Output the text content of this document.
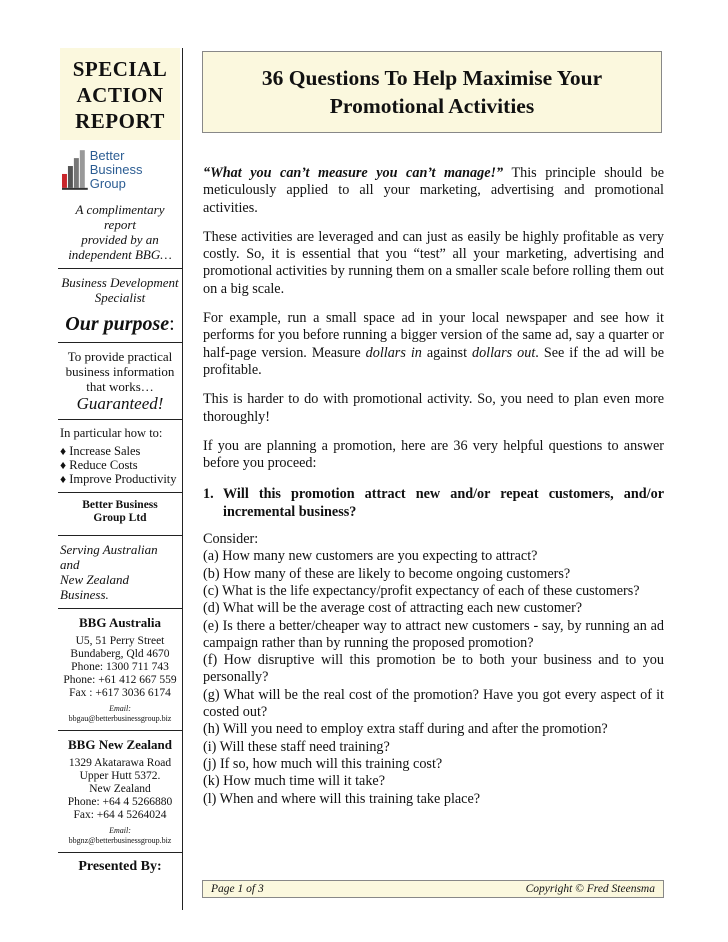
SPECIAL
ACTION
REPORT
Better Business
Group
A complimentary report
provided by an
independent BBG…
Business Development
Specialist
Our purpose:
To provide practical
business information
that works…
Guaranteed!
In particular how to:
♦ Increase Sales
♦ Reduce Costs
♦ Improve Productivity
Better Business
Group Ltd
Serving Australian and
New Zealand Business.
BBG Australia
U5, 51 Perry Street
Bundaberg, Qld 4670
Phone: 1300 711 743
Phone: +61 412 667 559
Fax : +617 3036 6174
Email:
bbgau@betterbusinessgroup.biz
BBG New Zealand
1329 Akatarawa Road
Upper Hutt 5372.
New Zealand
Phone: +64 4 5266880
Fax: +64 4 5264024
Email:
bbgnz@betterbusinessgroup.biz
Presented By:
36 Questions To Help Maximise Your
Promotional Activities

“What you can’t measure you can’t manage!” This principle should be meticulously applied to all your marketing, advertising and promotional activities.

These activities are leveraged and can just as easily be highly profitable as very costly. So, it is essential that you “test” all your marketing, advertising and promotional activities by running them on a smaller scale before rolling them out on a big scale.

For example, run a small space ad in your local newspaper and see how it performs for you before running a bigger version of the same ad, say a quarter or half-page version. Measure dollars in against dollars out. See if the ad will be profitable.

This is harder to do with promotional activity. So, you need to plan even more thoroughly!

If you are planning a promotion, here are 36 very helpful questions to answer before you proceed:

1. Will this promotion attract new and/or repeat customers, and/or incremental business?
Consider:
(a) How many new customers are you expecting to attract?
(b) How many of these are likely to become ongoing customers?
(c) What is the life expectancy/profit expectancy of each of these customers?
(d) What will be the average cost of attracting each new customer?
(e) Is there a better/cheaper way to attract new customers - say, by running an ad campaign rather than by running the proposed promotion?
(f) How disruptive will this promotion be to both your business and to you personally?
(g) What will be the real cost of the promotion? Have you got every aspect of it costed out?
(h) Will you need to employ extra staff during and after the promotion?
(i) Will these staff need training?
(j) If so, how much will this training cost?
(k) How much time will it take?
(l) When and where will this training take place?
Page 1 of 3	Copyright © Fred Steensma
